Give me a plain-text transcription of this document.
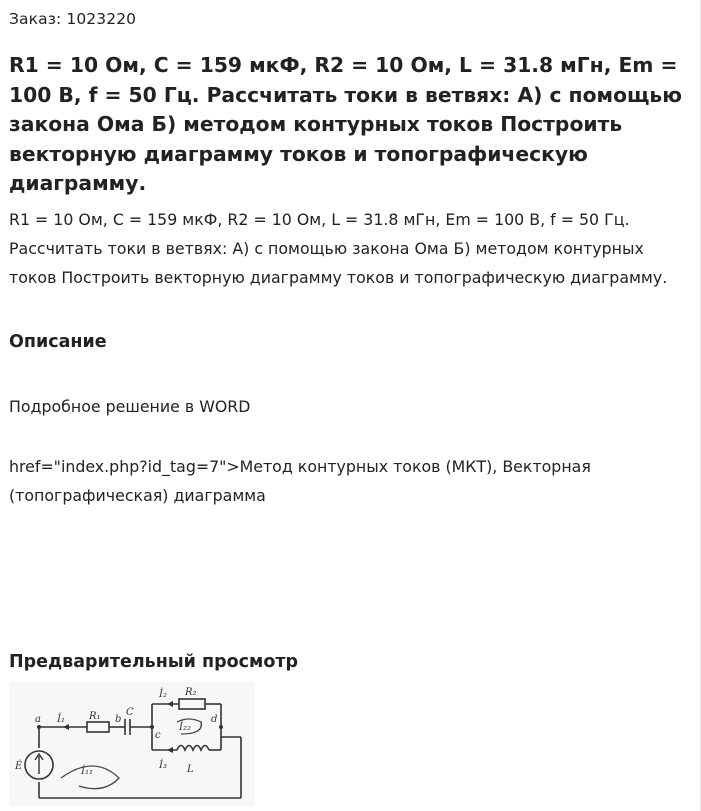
Заказ: 1023220
R1 = 10 Ом, C = 159 мкФ, R2 = 10 Ом, L = 31.8 мГн, Em = 100 В, f = 50 Гц. Рассчитать токи в ветвях: А) с помощью закона Ома Б) методом контурных токов Построить векторную диаграмму токов и топографическую диаграмму.

R1 = 10 Ом, C = 159 мкФ, R2 = 10 Ом, L = 31.8 мГн, Em = 100 В, f = 50 Гц. Рассчитать токи в ветвях: А) с помощью закона Ома Б) методом контурных токов Построить векторную диаграмму токов и топографическую диаграмму.

Описание

Подробное решение в WORD

href="index.php?id_tag=7">Метод контурных токов (МКТ), Векторная (топографическая) диаграмма

Предварительный просмотр
a İ₁ R₁ b
C
c
İ₂ R₂
İ₂₂
d
İ₃ L
İ₁₁
Ė
